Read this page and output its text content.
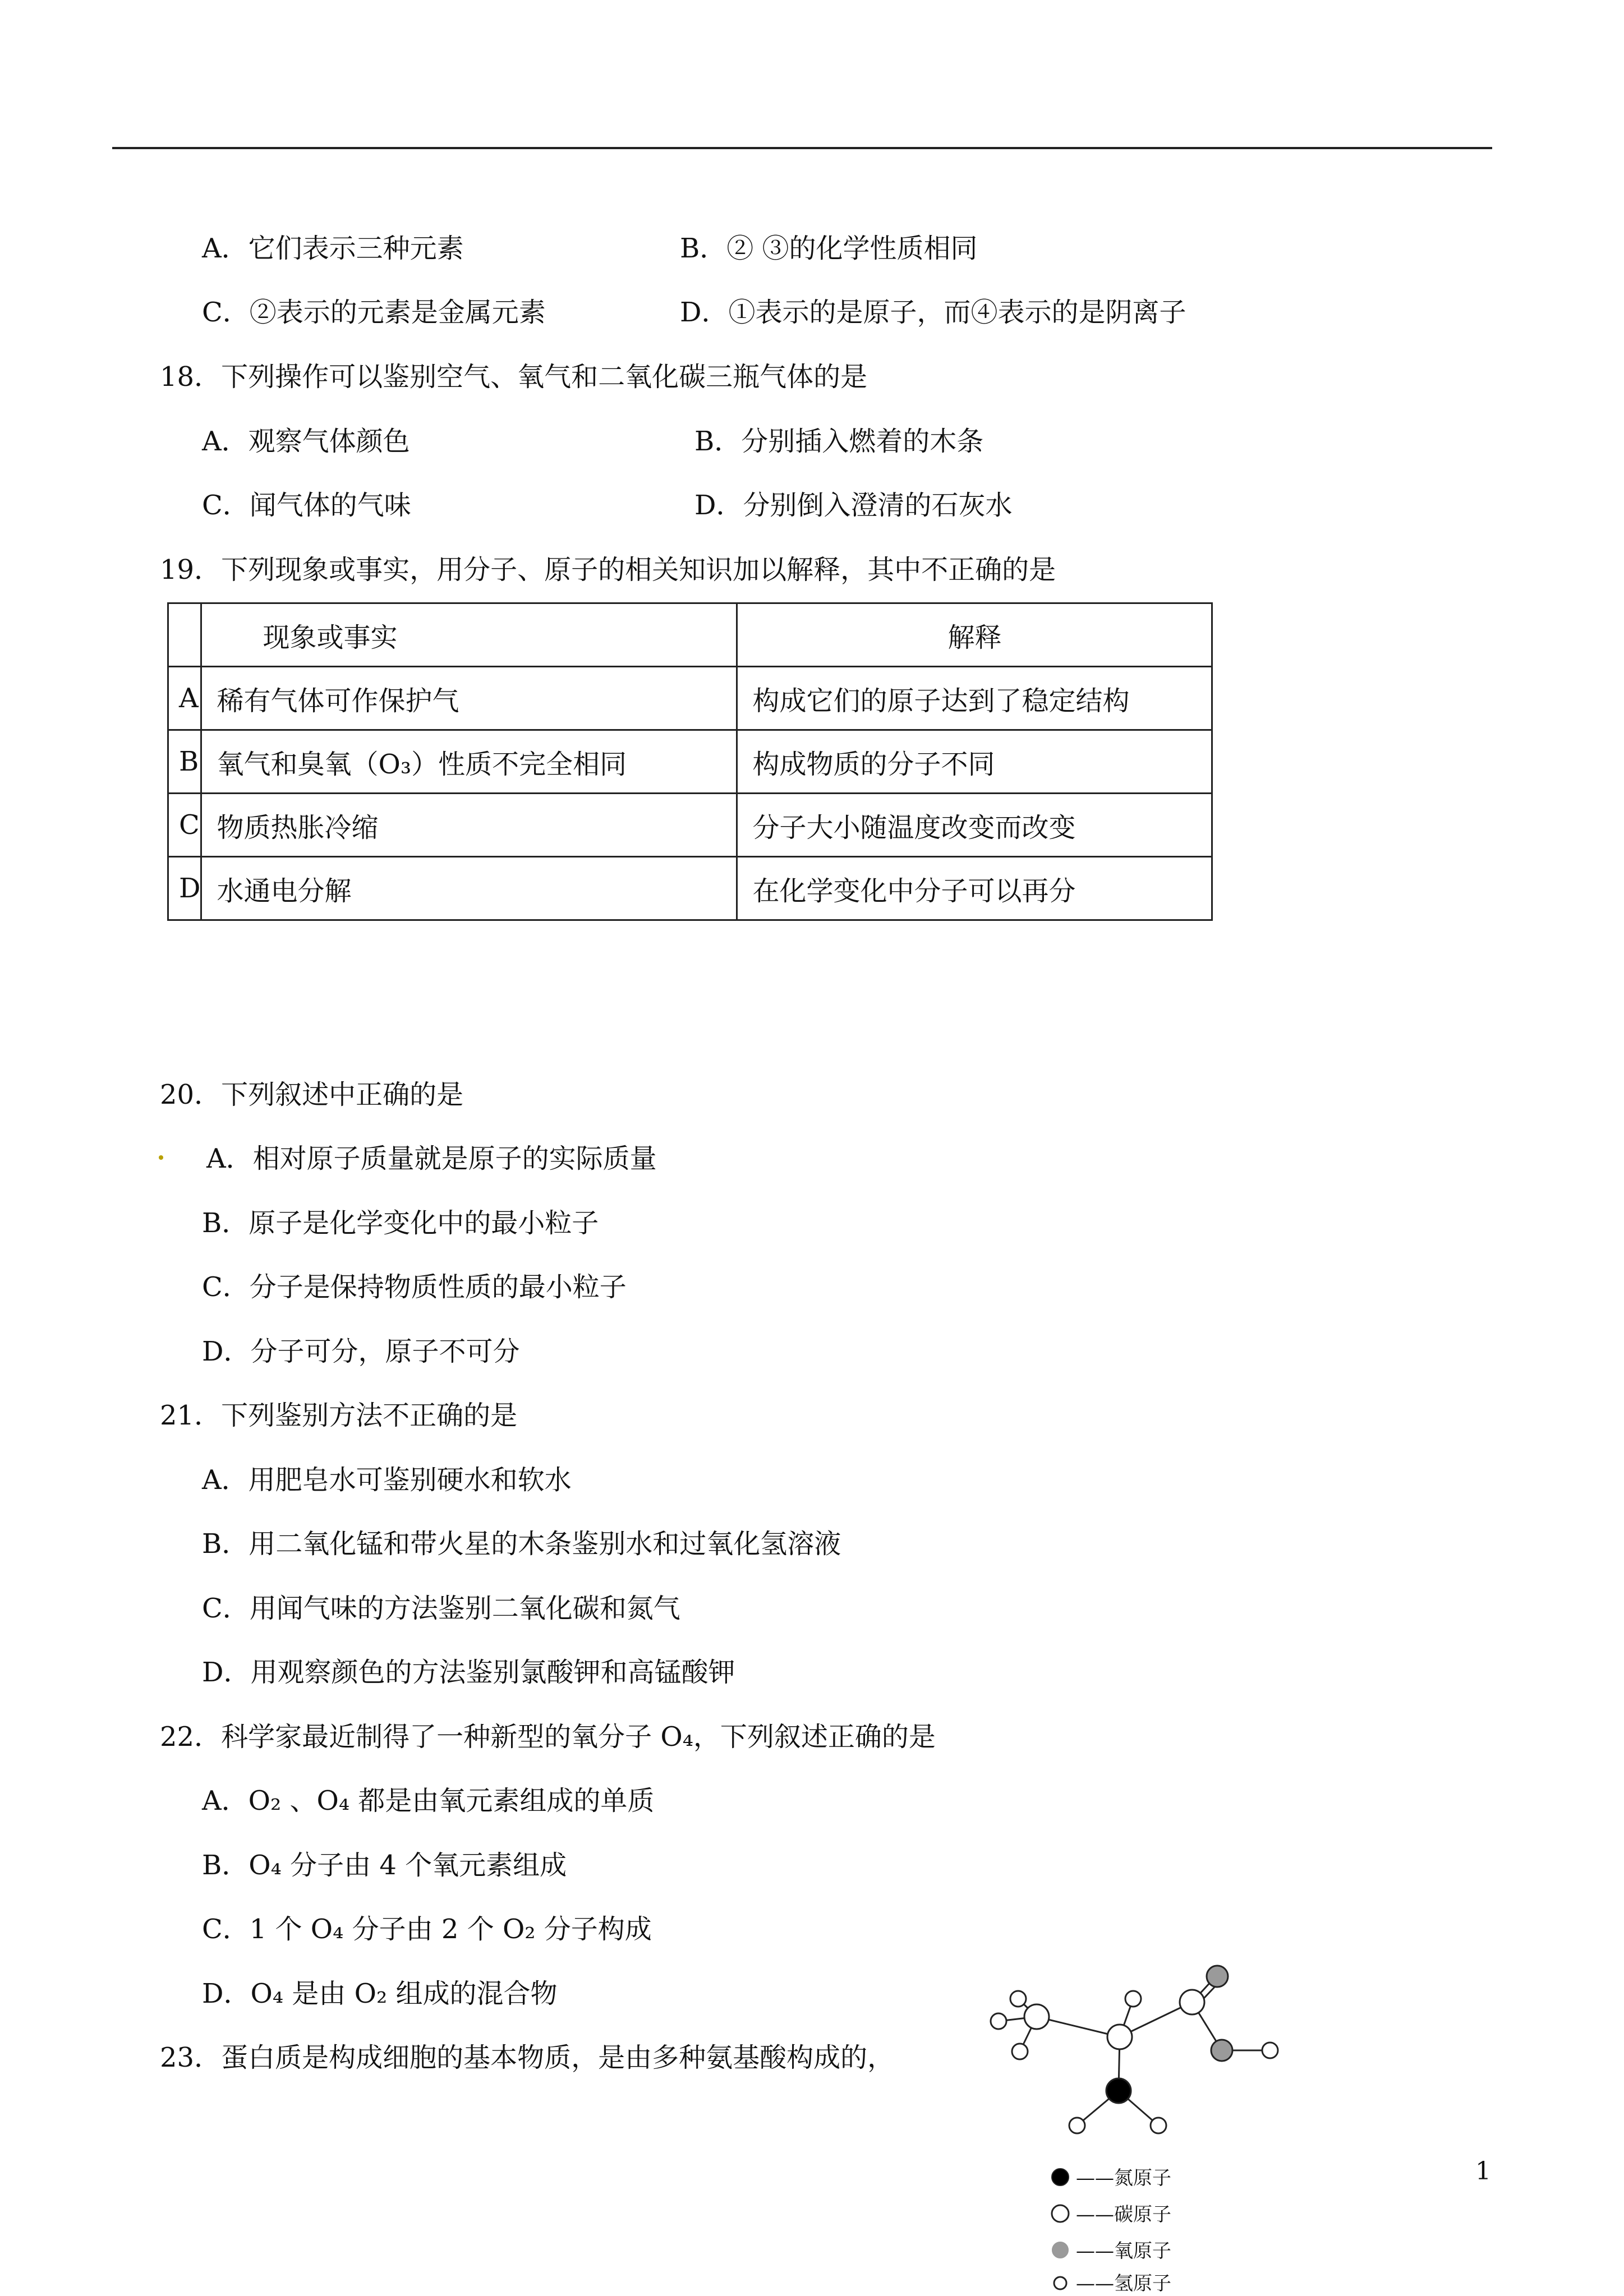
A．它们表示三种元素	B．② ③的化学性质相同
C．②表示的元素是金属元素	D．①表示的是原子，而④表示的是阴离子
18．下列操作可以鉴别空气、氧气和二氧化碳三瓶气体的是
A．观察气体颜色	B．分别插入燃着的木条
C．闻气体的气味	D．分别倒入澄清的石灰水
19．下列现象或事实，用分子、原子的相关知识加以解释，其中不正确的是
	现象或事实	解释
A	稀有气体可作保护气	构成它们的原子达到了稳定结构
B	氧气和臭氧（O₃）性质不完全相同	构成物质的分子不同
C	物质热胀冷缩	分子大小随温度改变而改变
D	水通电分解	在化学变化中分子可以再分
20．下列叙述中正确的是
A．相对原子质量就是原子的实际质量
B．原子是化学变化中的最小粒子
C．分子是保持物质性质的最小粒子
D．分子可分，原子不可分
21．下列鉴别方法不正确的是
A．用肥皂水可鉴别硬水和软水
B．用二氧化锰和带火星的木条鉴别水和过氧化氢溶液
C．用闻气味的方法鉴别二氧化碳和氮气
D．用观察颜色的方法鉴别氯酸钾和高锰酸钾
22．科学家最近制得了一种新型的氧分子 O₄，下列叙述正确的是
A．O₂ 、O₄ 都是由氧元素组成的单质
B．O₄ 分子由 4 个氧元素组成
C．1 个 O₄ 分子由 2 个 O₂ 分子构成
D．O₄ 是由 O₂ 组成的混合物
23．蛋白质是构成细胞的基本物质，是由多种氨基酸构成的，
——氮原子
——碳原子
——氧原子
——氢原子
1
